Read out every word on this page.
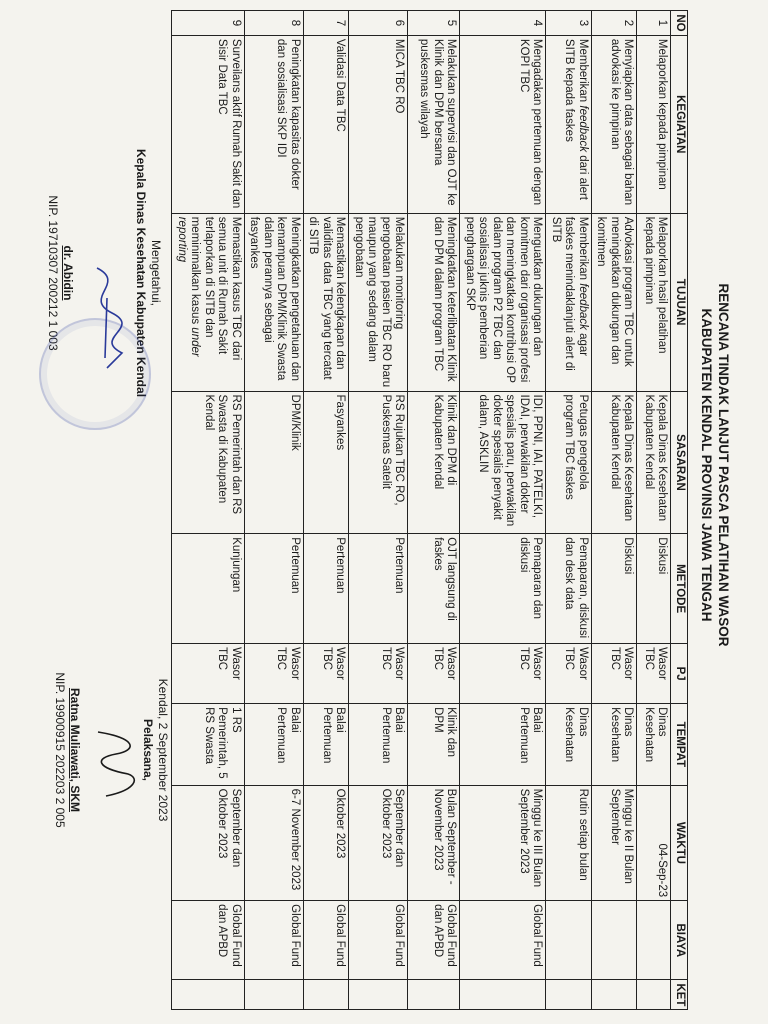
RENCANA TINDAK LANJUT PASCA PELATIHAN WASOR
KABUPATEN KENDAL PROVINSI JAWA TENGAH
NO	KEGIATAN	TUJUAN	SASARAN	METODE	PJ	TEMPAT	WAKTU	BIAYA	KET
1	Melaporkan kepada pimpinan	Melaporkan hasil pelatihan kepada pimpinan	Kepala Dinas Kesehatan Kabupaten Kendal	Diskusi	Wasor TBC	Dinas Kesehatan	04-Sep-23		
2	Menyiapkan data sebagai bahan advokasi ke pimpinan	Advokasi program TBC untuk meningkatkan dukungan dan komitmen	Kepala Dinas Kesehatan Kabupaten Kendal	Diskusi	Wasor TBC	Dinas Kesehatan	Minggu ke II Bulan September		
3	Memberikan feedback dari alert SITB kepada faskes	Memberikan feedback agar faskes menindaklanjuti alert di SITB	Petugas pengelola program TBC faskes	Pemaparan, diskusi dan desk data	Wasor TBC	Dinas Kesehatan	Rutin setiap bulan		
4	Mengadakan pertemuan dengan KOPI TBC	Menguatkan dukungan dan komitmen dari organisasi profesi dan meningkatkan kontribusi OP dalam program P2 TBC dan sosialisasi juknis pemberian penghargaan SKP	IDI, PPNI, IAI, PATELKI, IDAI, perwakilan dokter spesialis paru, perwakilan dokter spesialis penyakit dalam, ASKLIN	Pemaparan dan diskusi	Wasor TBC	Balai Pertemuan	Minggu ke III Bulan September 2023	Global Fund	
5	Melakukan supervisi dan OJT ke Klinik dan DPM bersama puskesmas wilayah	Meningkatkan keterlibatan Klinik dan DPM dalam program TBC	Klinik dan DPM di Kabupaten Kendal	OJT langsung di faskes	Wasor TBC	Klinik dan DPM	Bulan September -November 2023	Global Fund dan APBD	
6	MICA TBC RO	Melakukan monitoring pengobatan pasien TBC RO baru maupun yang sedang dalam pengobatan	RS Rujukan TBC RO, Puskesmas Satelit	Pertemuan	Wasor TBC	Balai Pertemuan	September dan Oktober 2023	Global Fund	
7	Validasi Data TBC	Memastikan kelengkapan dan validitas data TBC yang tercatat di SITB	Fasyankes	Pertemuan	Wasor TBC	Balai Pertemuan	Oktober 2023	Global Fund	
8	Peningkatan kapasitas dokter dan sosialisasi SKP IDI	Meningkatkan pengetahuan dan kemampuan DPM/Klinik Swasta dalam perannya sebagai fasyankes	DPM/Klinik	Pertemuan	Wasor TBC	Balai Pertemuan	6-7 November 2023	Global Fund	
9	Surveilans aktif Rumah Sakit dan Sisir Data TBC	Memastikan kasus TBC dari semua unit di Rumah Sakit terlaporkan di SITB dan meminimalkan kasus under reporting	RS Pemerintah dan RS Swasta di Kabupaten Kendal	Kunjungan	Wasor TBC	1 RS Pemerintah, 5 RS Swasta	September dan Oktober 2023	Global Fund dan APBD	
Mengetahui,
Kepala Dinas Kesehatan Kabupaten Kendal
dr. Abidin
NIP. 19710307 200212 1 003
Kendal, 2 September 2023
Pelaksana,
Ratna Muliawati, SKM
NIP. 19900915 202203 2 005
